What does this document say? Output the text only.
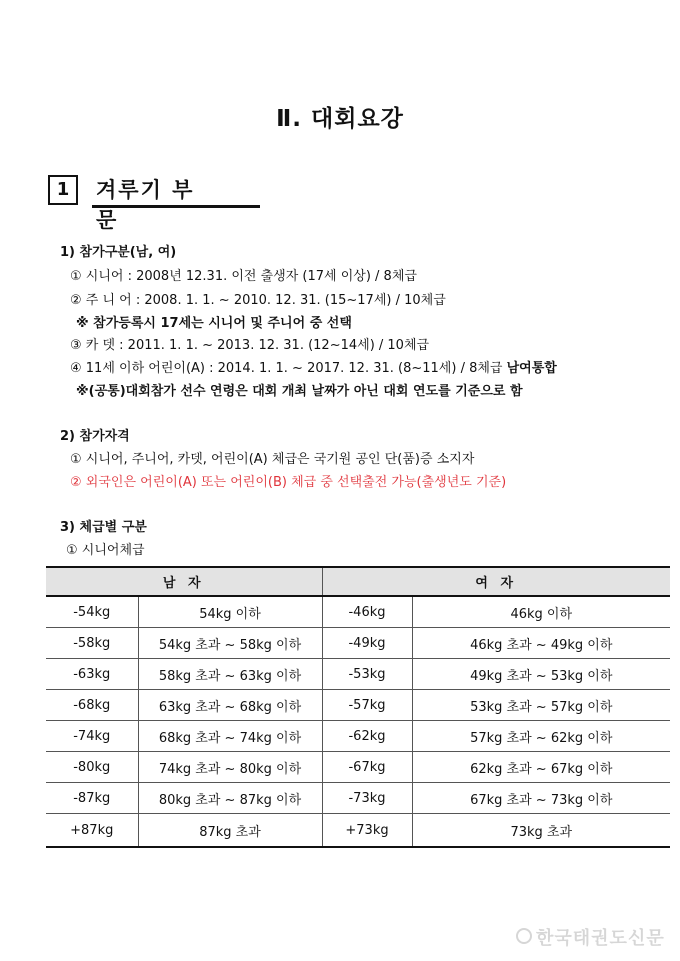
Ⅱ. 대회요강
1	겨루기 부문
1) 참가구분(남, 여)
① 시니어 : 2008년 12.31. 이전 출생자 (17세 이상) / 8체급
② 주 니 어 : 2008. 1. 1. ~ 2010. 12. 31. (15~17세) / 10체급
※ 참가등록시 17세는 시니어 및 주니어 중 선택
③ 카 뎃 : 2011. 1. 1. ~ 2013. 12. 31. (12~14세) / 10체급
④ 11세 이하 어린이(A) : 2014. 1. 1. ~ 2017. 12. 31. (8~11세) / 8체급 남여통합
※(공통)대회참가 선수 연령은 대회 개최 날짜가 아닌 대회 연도를 기준으로 함
2) 참가자격
① 시니어, 주니어, 카뎃, 어린이(A) 체급은 국기원 공인 단(품)증 소지자
② 외국인은 어린이(A) 또는 어린이(B) 체급 중 선택출전 가능(출생년도 기준)
3) 체급별 구분
① 시니어체급
남 자		여 자	
-54kg	54kg 이하	-46kg	46kg 이하
-58kg	54kg 초과 ~ 58kg 이하	-49kg	46kg 초과 ~ 49kg 이하
-63kg	58kg 초과 ~ 63kg 이하	-53kg	49kg 초과 ~ 53kg 이하
-68kg	63kg 초과 ~ 68kg 이하	-57kg	53kg 초과 ~ 57kg 이하
-74kg	68kg 초과 ~ 74kg 이하	-62kg	57kg 초과 ~ 62kg 이하
-80kg	74kg 초과 ~ 80kg 이하	-67kg	62kg 초과 ~ 67kg 이하
-87kg	80kg 초과 ~ 87kg 이하	-73kg	67kg 초과 ~ 73kg 이하
+87kg	87kg 초과	+73kg	73kg 초과
한국태권도신문
